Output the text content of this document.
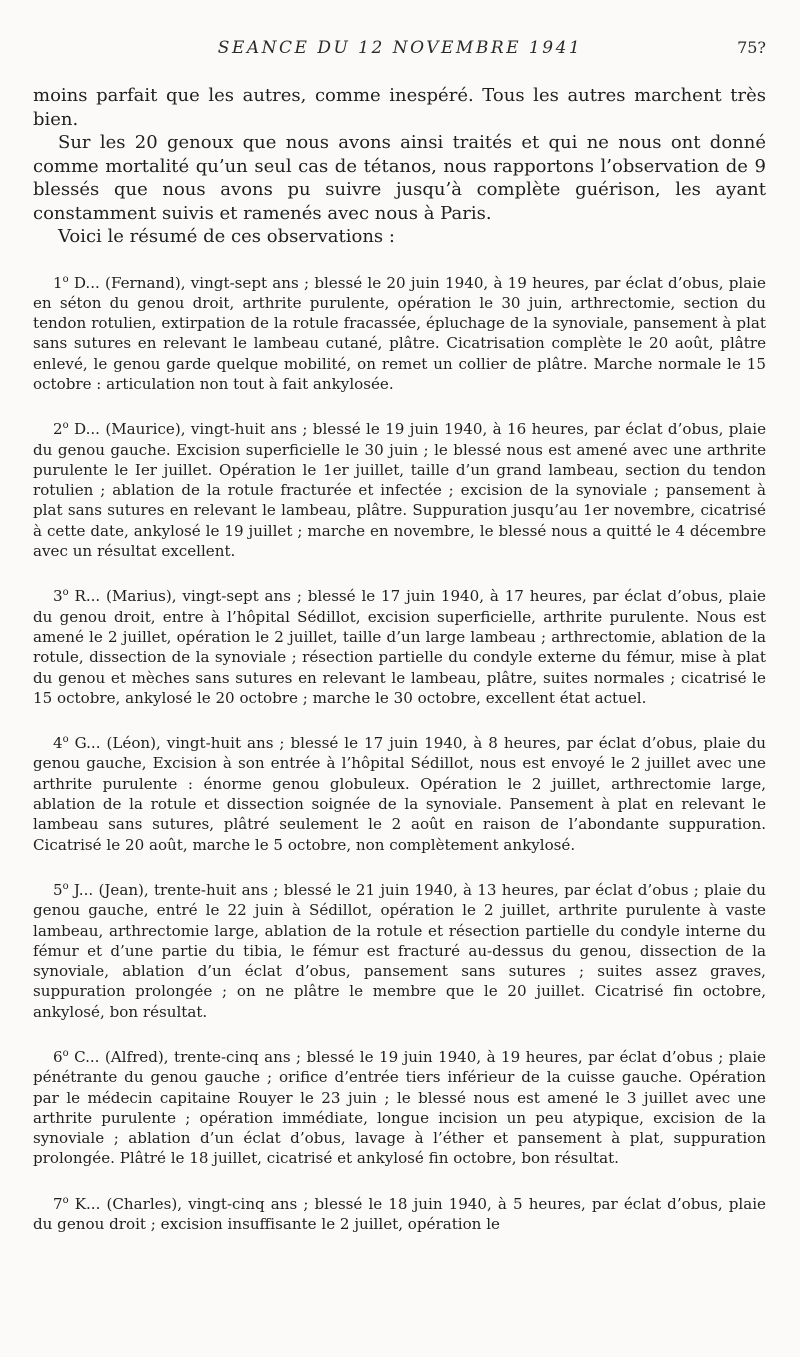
SEANCE DU 12 NOVEMBRE 1941	75?

moins parfait que les autres, comme inespéré. Tous les autres marchent très bien.

Sur les 20 genoux que nous avons ainsi traités et qui ne nous ont donné comme mortalité qu’un seul cas de tétanos, nous rapportons l’observation de 9 blessés que nous avons pu suivre jusqu’à complète guérison, les ayant constamment suivis et ramenés avec nous à Paris.

Voici le résumé de ces observations :

1$^o$ D... (Fernand), vingt-sept ans ; blessé le 20 juin 1940, à 19 heures, par éclat d’obus, plaie en séton du genou droit, arthrite purulente, opération le 30 juin, arthrectomie, section du tendon rotulien, extirpation de la rotule fracassée, épluchage de la synoviale, pansement à plat sans sutures en relevant le lambeau cutané, plâtre. Cicatrisation complète le 20 août, plâtre enlevé, le genou garde quelque mobilité, on remet un collier de plâtre. Marche normale le 15 octobre : articulation non tout à fait ankylosée.

2$^o$ D... (Maurice), vingt-huit ans ; blessé le 19 juin 1940, à 16 heures, par éclat d’obus, plaie du genou gauche. Excision superficielle le 30 juin ; le blessé nous est amené avec une arthrite purulente le Ier juillet. Opération le 1er juillet, taille d’un grand lambeau, section du tendon rotulien ; ablation de la rotule fracturée et infectée ; excision de la synoviale ; pansement à plat sans sutures en relevant le lambeau, plâtre. Suppuration jusqu’au 1er novembre, cicatrisé à cette date, ankylosé le 19 juillet ; marche en novembre, le blessé nous a quitté le 4 décembre avec un résultat excellent.

3$^o$ R... (Marius), vingt-sept ans ; blessé le 17 juin 1940, à 17 heures, par éclat d’obus, plaie du genou droit, entre à l’hôpital Sédillot, excision superficielle, arthrite purulente. Nous est amené le 2 juillet, opération le 2 juillet, taille d’un large lambeau ; arthrectomie, ablation de la rotule, dissection de la synoviale ; résection partielle du condyle externe du fémur, mise à plat du genou et mèches sans sutures en relevant le lambeau, plâtre, suites normales ; cicatrisé le 15 octobre, ankylosé le 20 octobre ; marche le 30 octobre, excellent état actuel.

4$^o$ G... (Léon), vingt-huit ans ; blessé le 17 juin 1940, à 8 heures, par éclat d’obus, plaie du genou gauche, Excision à son entrée à l’hôpital Sédillot, nous est envoyé le 2 juillet avec une arthrite purulente : énorme genou globuleux. Opération le 2 juillet, arthrectomie large, ablation de la rotule et dissection soignée de la synoviale. Pansement à plat en relevant le lambeau sans sutures, plâtré seulement le 2 août en raison de l’abondante suppuration. Cicatrisé le 20 août, marche le 5 octobre, non complètement ankylosé.

5$^o$ J... (Jean), trente-huit ans ; blessé le 21 juin 1940, à 13 heures, par éclat d’obus ; plaie du genou gauche, entré le 22 juin à Sédillot, opération le 2 juillet, arthrite purulente à vaste lambeau, arthrectomie large, ablation de la rotule et résection partielle du condyle interne du fémur et d’une partie du tibia, le fémur est fracturé au-dessus du genou, dissection de la synoviale, ablation d’un éclat d’obus, pansement sans sutures ; suites assez graves, suppuration prolongée ; on ne plâtre le membre que le 20 juillet. Cicatrisé fin octobre, ankylosé, bon résultat.

6$^o$ C... (Alfred), trente-cinq ans ; blessé le 19 juin 1940, à 19 heures, par éclat d’obus ; plaie pénétrante du genou gauche ; orifice d’entrée tiers inférieur de la cuisse gauche. Opération par le médecin capitaine Rouyer le 23 juin ; le blessé nous est amené le 3 juillet avec une arthrite purulente ; opération immédiate, longue incision un peu atypique, excision de la synoviale ; ablation d’un éclat d’obus, lavage à l’éther et pansement à plat, suppuration prolongée. Plâtré le 18 juillet, cicatrisé et ankylosé fin octobre, bon résultat.

7$^o$ K... (Charles), vingt-cinq ans ; blessé le 18 juin 1940, à 5 heures, par éclat d’obus, plaie du genou droit ; excision insuffisante le 2 juillet, opération le
